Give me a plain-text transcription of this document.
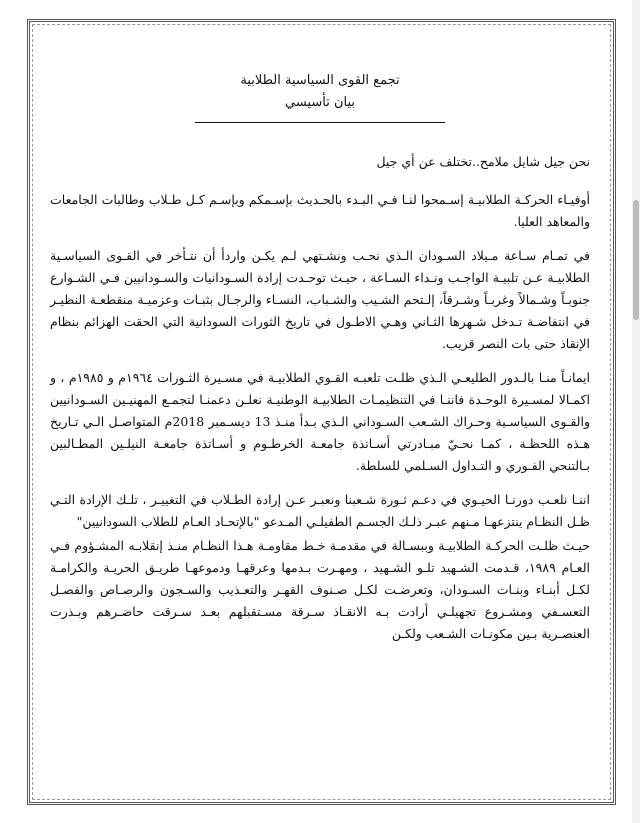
تجمع القوى السياسية الطلابية
بيان تأسيسي
نحن جيل شايل ملامح..تختلف عن أي جيل

أوفيـاء الحركـة الطلابيـة إسـمحوا لنـا فـي البـدء بالحـديث بإسـمكم وبإسـم كـل طـلاب وطالبات الجامعات والمعاهد العليا.

في تمـام سـاعة مـيلاد السـودان الـذي نحـب ونشـتهي لـم يكـن واردأ أن نتـأخر في القـوى السياسـية الطلابيـة عـن تلبيـة الواجـب ونـداء السـاعة ، حيـث توحـدت إرادة السـودانيات والسـودانيين فـي الشـوارع جنوبـاً وشـمالاً وغربـاً وشـرقاً، إلـتحم الشـيب والشـباب، النسـاء والرجـال بثبـات وعزميـة منقطعـة النظيـر في انتفاضـة تـدخل شـهرها الثـاني وهـي الاطـول في تاريخ الثورات السودانية التي الحقت الهزائم بنظام الإنقاذ حتى بات النصر قريب.

ايمانـاً منـا بالـدور الطليعـي الـذي ظلـت تلعبـه القـوي الطلابيـة في مسـيرة الثـورات ١٩٦٤م و ١٩٨٥م ، و اكمـالا لمسـيرة الوحـدة فاننـا في التنظيمـات الطلابيـة الوطنيـة نعلـن دعمنـا لتجمـع المهنيـين السـودانيين والقـوى السياسـية وحـراك الشـعب السـوداني الـذي بـدأ منـذ 13 ديسـمبر 2018م المتواصـل الـي تـاريخ هـذه اللحظـة ، كمـا نحـيّ مبـادرتي أسـاتذة جامعـة الخرطـوم و أسـاتذة جامعـة النيلـين المطـالبين بـالتنحي الفـوري و التـداول السـلمي للسلطة.

اننـا نلعـب دورنـا الحيـوي في دعـم ثـورة شـعبنا ونعبـر عـن إرادة الطـلاب في التغييـر ، تلـك الإرادة التـي ظـل النظـام ينتزعهـا مـنهم عبـر ذلـك الجسـم الطفيلـي المـدعو "بالإتحـاد العـام للطلاب السودانيين"

حيـث ظلـت الحركـة الطلابيـة وببسـالة في مقدمـة خـط مقاومـة هـذا النظـام منـذ إنقلابـه المشـؤوم فـي العـام ١٩٨٩، قـدمت الشـهيد تلـو الشـهيد ، ومهـرت بـدمها وعرقهـا ودموعهـا طريـق الحريـة والكرامـة لكـل أبنـاء وبنـات السـودان، وتعرضـت لكـل صـنوف القهـر والتعـذيب والسـجون والرصـاص والفصـل التعسـفي ومشـروع تجهيلـي أرادت بـه الانقـاذ سـرقة مسـتقبلهم بعـد سـرقت حاضـرهم وبـذرت العنصـرية بـين مكونـات الشـعب ولكـن
